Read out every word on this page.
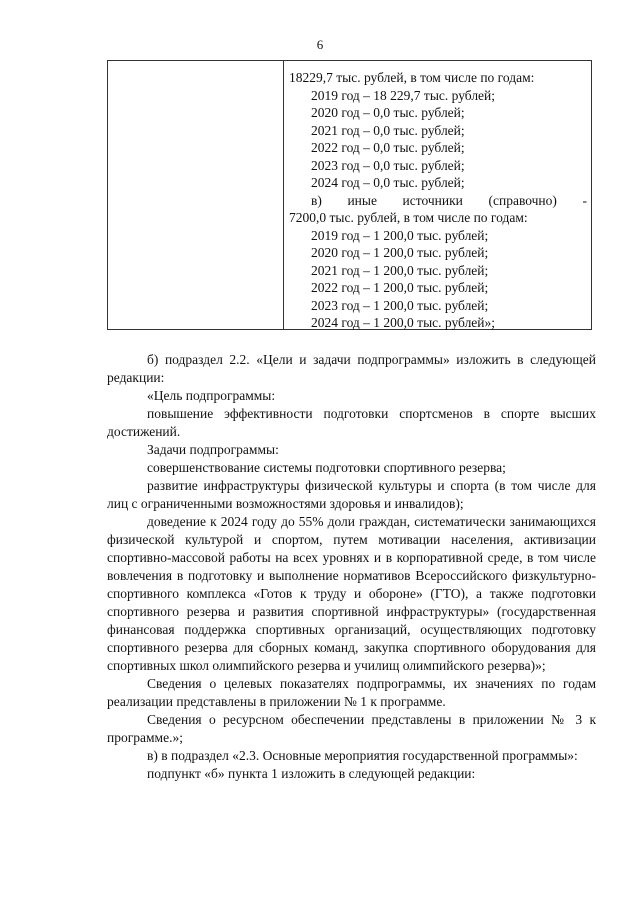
6
18229,7 тыс. рублей, в том числе по годам:
2019 год – 18 229,7 тыс. рублей;
2020 год – 0,0 тыс. рублей;
2021 год – 0,0 тыс. рублей;
2022 год – 0,0 тыс. рублей;
2023 год – 0,0 тыс. рублей;
2024 год – 0,0 тыс. рублей;
в) иные источники (справочно) -
7200,0 тыс. рублей, в том числе по годам:
2019 год – 1 200,0 тыс. рублей;
2020 год – 1 200,0 тыс. рублей;
2021 год – 1 200,0 тыс. рублей;
2022 год – 1 200,0 тыс. рублей;
2023 год – 1 200,0 тыс. рублей;
2024 год – 1 200,0 тыс. рублей»;
б) подраздел 2.2. «Цели и задачи подпрограммы» изложить в следующей редакции:
«Цель подпрограммы:
повышение эффективности подготовки спортсменов в спорте высших достижений.
Задачи подпрограммы:
совершенствование системы подготовки спортивного резерва;
развитие инфраструктуры физической культуры и спорта (в том числе для лиц с ограниченными возможностями здоровья и инвалидов);
доведение к 2024 году до 55% доли граждан, систематически занимающихся физической культурой и спортом, путем мотивации населения, активизации спортивно-массовой работы на всех уровнях и в корпоративной среде, в том числе вовлечения в подготовку и выполнение нормативов Всероссийского физкультурно-спортивного комплекса «Готов к труду и обороне» (ГТО), а также подготовки спортивного резерва и развития спортивной инфраструктуры» (государственная финансовая поддержка спортивных организаций, осуществляющих подготовку спортивного резерва для сборных команд, закупка спортивного оборудования для спортивных школ олимпийского резерва и училищ олимпийского резерва)»;
Сведения о целевых показателях подпрограммы, их значениях по годам реализации представлены в приложении № 1 к программе.
Сведения о ресурсном обеспечении представлены в приложении № 3 к программе.»;
в) в подраздел «2.3. Основные мероприятия государственной программы»:
подпункт «б» пункта 1 изложить в следующей редакции:
